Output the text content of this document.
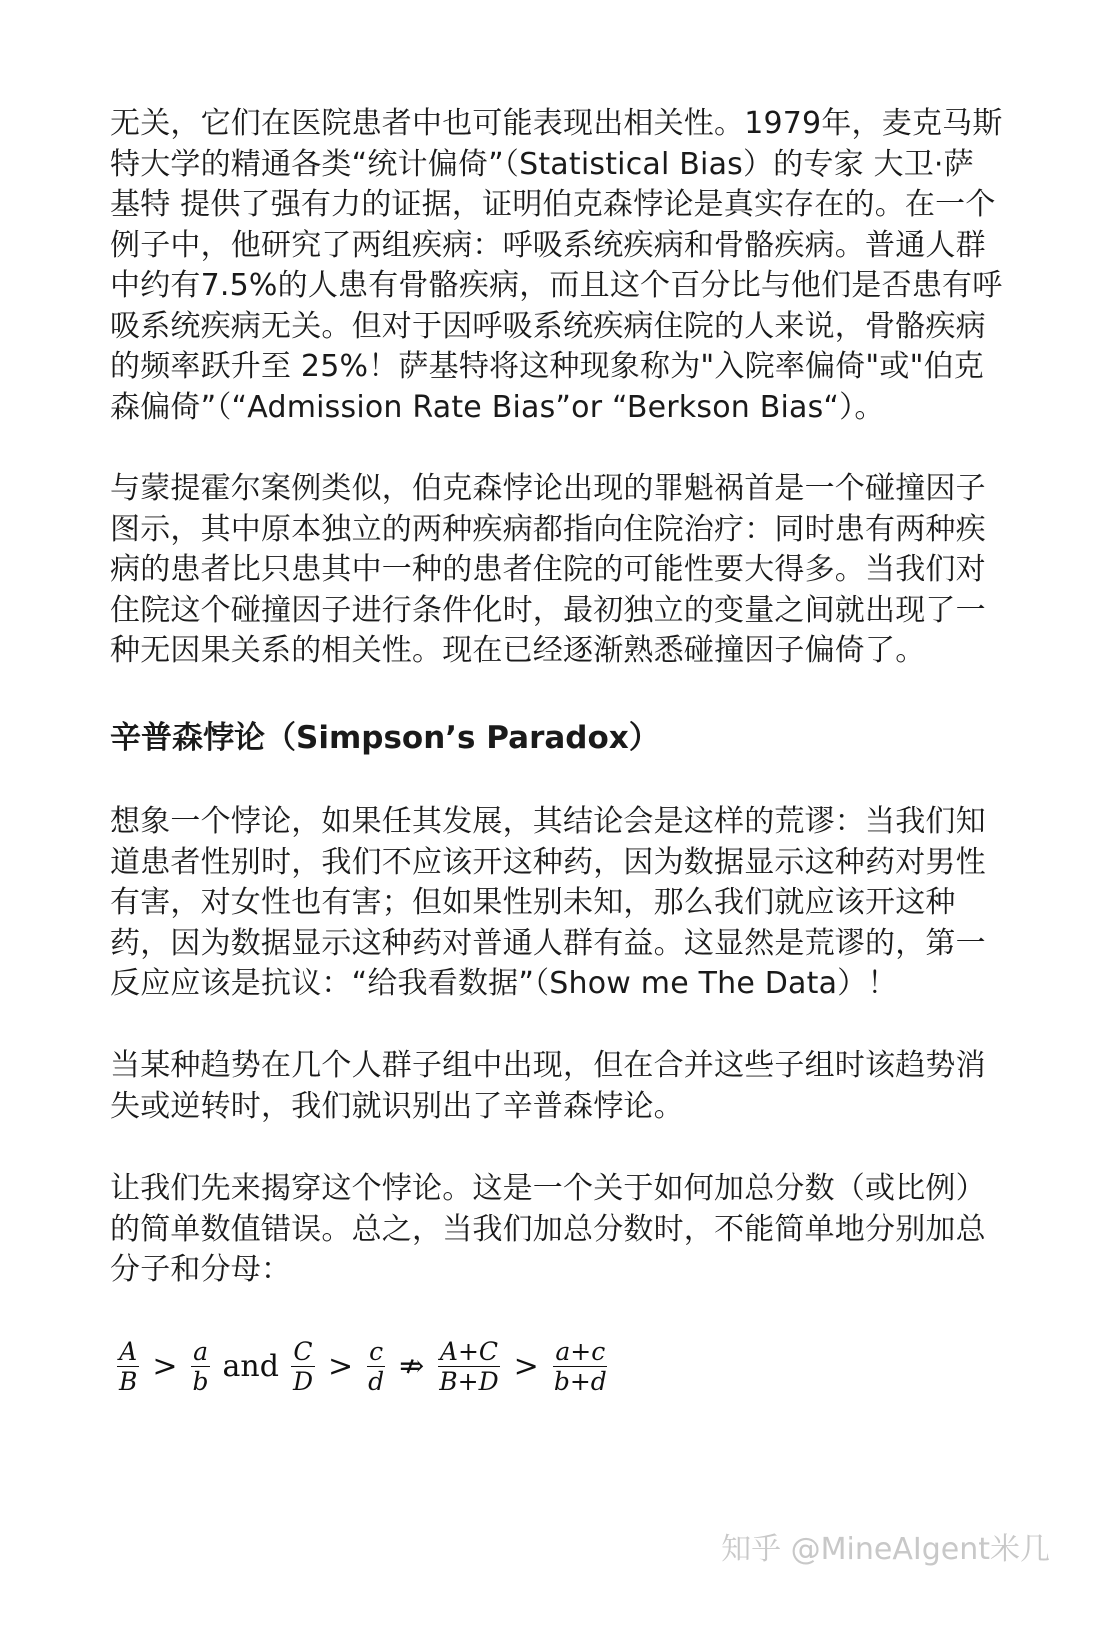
无关，它们在医院患者中也可能表现出相关性。1979年，麦克马斯
特大学的精通各类“统计偏倚”（Statistical Bias）的专家 大卫·萨
基特 提供了强有力的证据，证明伯克森悖论是真实存在的。在一个
例子中，他研究了两组疾病：呼吸系统疾病和骨骼疾病。普通人群
中约有7.5%的人患有骨骼疾病，而且这个百分比与他们是否患有呼
吸系统疾病无关。但对于因呼吸系统疾病住院的人来说，骨骼疾病
的频率跃升至 25%！萨基特将这种现象称为"入院率偏倚"或"伯克
森偏倚”（“Admission Rate Bias”or “Berkson Bias“）。

与蒙提霍尔案例类似，伯克森悖论出现的罪魁祸首是一个碰撞因子
图示，其中原本独立的两种疾病都指向住院治疗：同时患有两种疾
病的患者比只患其中一种的患者住院的可能性要大得多。当我们对
住院这个碰撞因子进行条件化时，最初独立的变量之间就出现了一
种无因果关系的相关性。现在已经逐渐熟悉碰撞因子偏倚了。

辛普森悖论（Simpson’s Paradox）

想象一个悖论，如果任其发展，其结论会是这样的荒谬：当我们知
道患者性别时，我们不应该开这种药，因为数据显示这种药对男性
有害，对女性也有害；但如果性别未知，那么我们就应该开这种
药，因为数据显示这种药对普通人群有益。这显然是荒谬的，第一
反应应该是抗议：“给我看数据”（Show me The Data）！

当某种趋势在几个人群子组中出现，但在合并这些子组时该趋势消
失或逆转时，我们就识别出了辛普森悖论。

让我们先来揭穿这个悖论。这是一个关于如何加总分数（或比例）
的简单数值错误。总之，当我们加总分数时，不能简单地分别加总
分子和分母：

$\frac{A}{B} > \frac{a}{b}$ and $\frac{C}{D} > \frac{c}{d}$ ⇏ $\frac{A+C}{B+D} > \frac{a+c}{b+d}$
知乎 @MineAIgent米几
